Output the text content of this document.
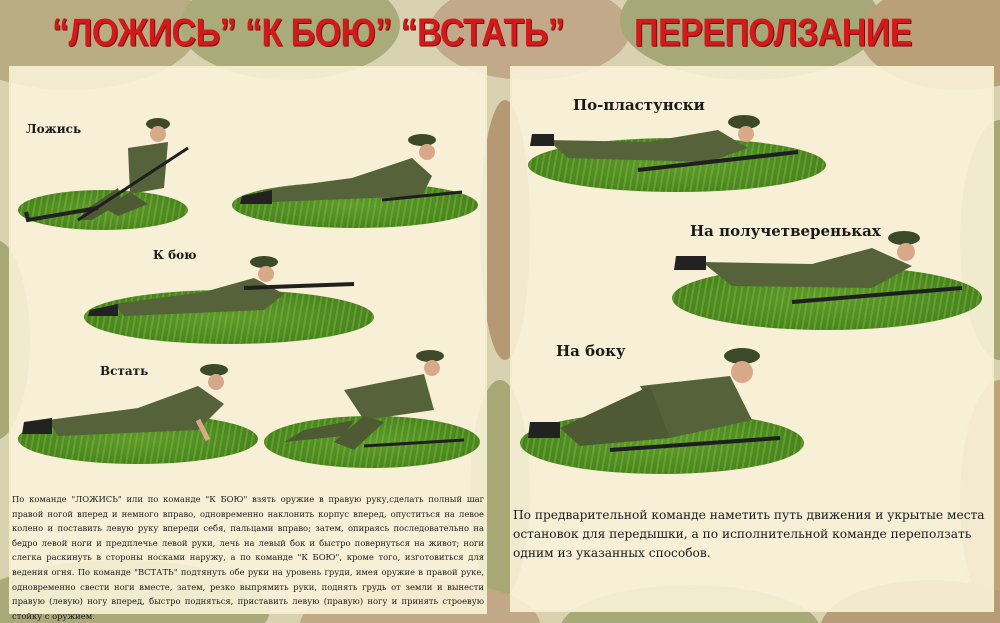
“ЛОЖИСЬ” “К БОЮ” “ВСТАТЬ” ПЕРЕПОЛЗАНИЕ
Ложись
К бою
Встать
По команде "ЛОЖИСЬ" или по команде "К БОЮ" взять оружие в правую руку,сделать полный шаг правой ногой вперед и немного вправо, одновременно наклонить корпус вперед, опуститься на левое колено и поставить левую руку впереди себя, пальцами вправо; затем, опираясь последовательно на бедро левой ноги и предплечье левой руки, лечь на левый бок и быстро повернуться на живот; ноги слегка раскинуть в стороны носками наружу, а по команде "К БОЮ", кроме того, изготовиться для ведения огня. По команде "ВСТАТЬ" подтянуть обе руки на уровень груди, имея оружие в правой руке, одновременно свести ноги вместе, затем, резко выпрямить руки, поднять грудь от земли и вынести правую (левую) ногу вперед, быстро подняться, приставить левую (правую) ногу и принять строевую стойку с оружием.
По-пластунски
На получетвереньках
На боку
По предварительной команде наметить путь движения и укрытые места остановок для передышки, а по исполнительной команде переползать одним из указанных способов.
